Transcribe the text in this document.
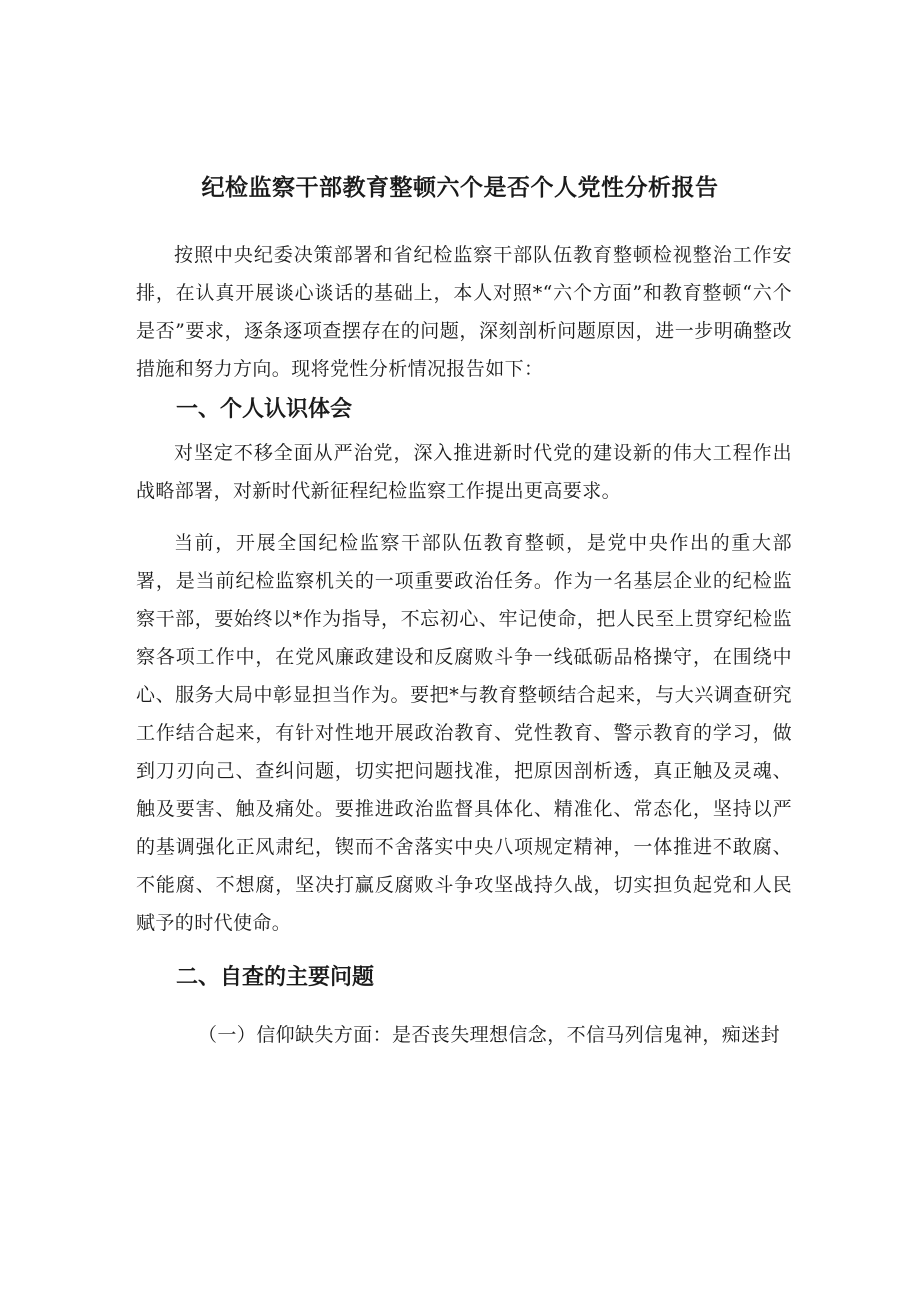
纪检监察干部教育整顿六个是否个人党性分析报告

按照中央纪委决策部署和省纪检监察干部队伍教育整顿检视整治工作安排，在认真开展谈心谈话的基础上，本人对照*“六个方面”和教育整顿“六个是否”要求，逐条逐项查摆存在的问题，深刻剖析问题原因，进一步明确整改措施和努力方向。现将党性分析情况报告如下：

一、个人认识体会

对坚定不移全面从严治党，深入推进新时代党的建设新的伟大工程作出战略部署，对新时代新征程纪检监察工作提出更高要求。

当前，开展全国纪检监察干部队伍教育整顿，是党中央作出的重大部署，是当前纪检监察机关的一项重要政治任务。作为一名基层企业的纪检监察干部，要始终以*作为指导，不忘初心、牢记使命，把人民至上贯穿纪检监察各项工作中，在党风廉政建设和反腐败斗争一线砥砺品格操守，在围绕中心、服务大局中彰显担当作为。要把*与教育整顿结合起来，与大兴调查研究工作结合起来，有针对性地开展政治教育、党性教育、警示教育的学习，做到刀刃向己、查纠问题，切实把问题找准，把原因剖析透，真正触及灵魂、触及要害、触及痛处。要推进政治监督具体化、精准化、常态化，坚持以严的基调强化正风肃纪，锲而不舍落实中央八项规定精神，一体推进不敢腐、不能腐、不想腐，坚决打赢反腐败斗争攻坚战持久战，切实担负起党和人民赋予的时代使命。

二、自查的主要问题

（一）信仰缺失方面：是否丧失理想信念，不信马列信鬼神，痴迷封
